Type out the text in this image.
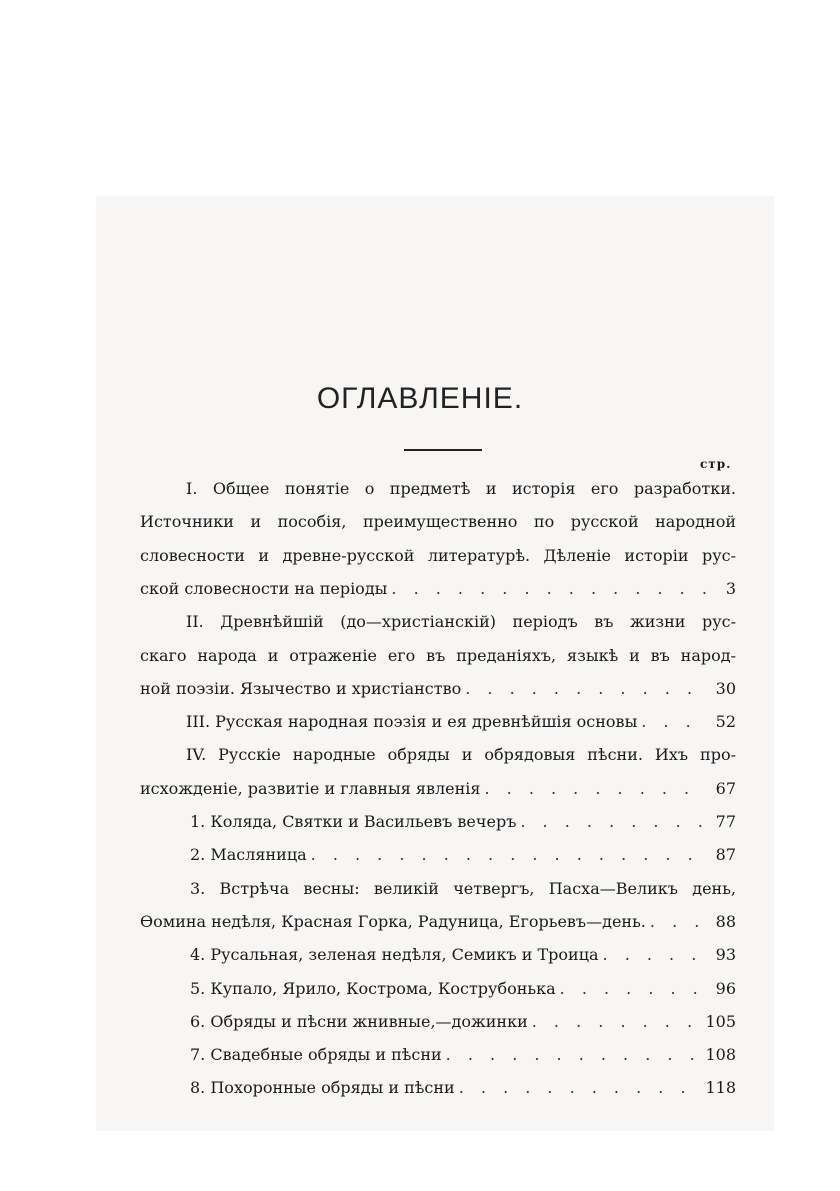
ОГЛАВЛЕНІЕ.
стр.
I. Общее понятіе о предметѣ и исторія его разработки.
Источники и пособія, преимущественно по русской народной
словесности и древне-русской литературѣ. Дѣленіе исторіи рус-
ской словесности на періоды . . .	3
II. Древнѣйшій (до—христіанскій) періодъ въ жизни рус-
скаго народа и отраженіе его въ преданіяхъ, языкѣ и въ народ-
ной поэзіи. Язычество и христіанство . . .	30
III. Русская народная поэзія и ея древнѣйшія основы . . .	52
IV. Русскіе народные обряды и обрядовыя пѣсни. Ихъ про-
исхожденіе, развитіе и главныя явленія . . .	67
1. Коляда, Святки и Васильевъ вечеръ . . .	77
2. Масляница . . .	87
3. Встрѣча весны: великій четвергъ, Пасха—Великъ день,
Ѳомина недѣля, Красная Горка, Радуница, Егорьевъ—день. . . .	88
4. Русальная, зеленая недѣля, Семикъ и Троица . . .	93
5. Купало, Ярило, Кострома, Кострубонька . . .	96
6. Обряды и пѣсни жнивные,—дожинки . . .	105
7. Свадебные обряды и пѣсни . . .	108
8. Похоронные обряды и пѣсни . . .	118
